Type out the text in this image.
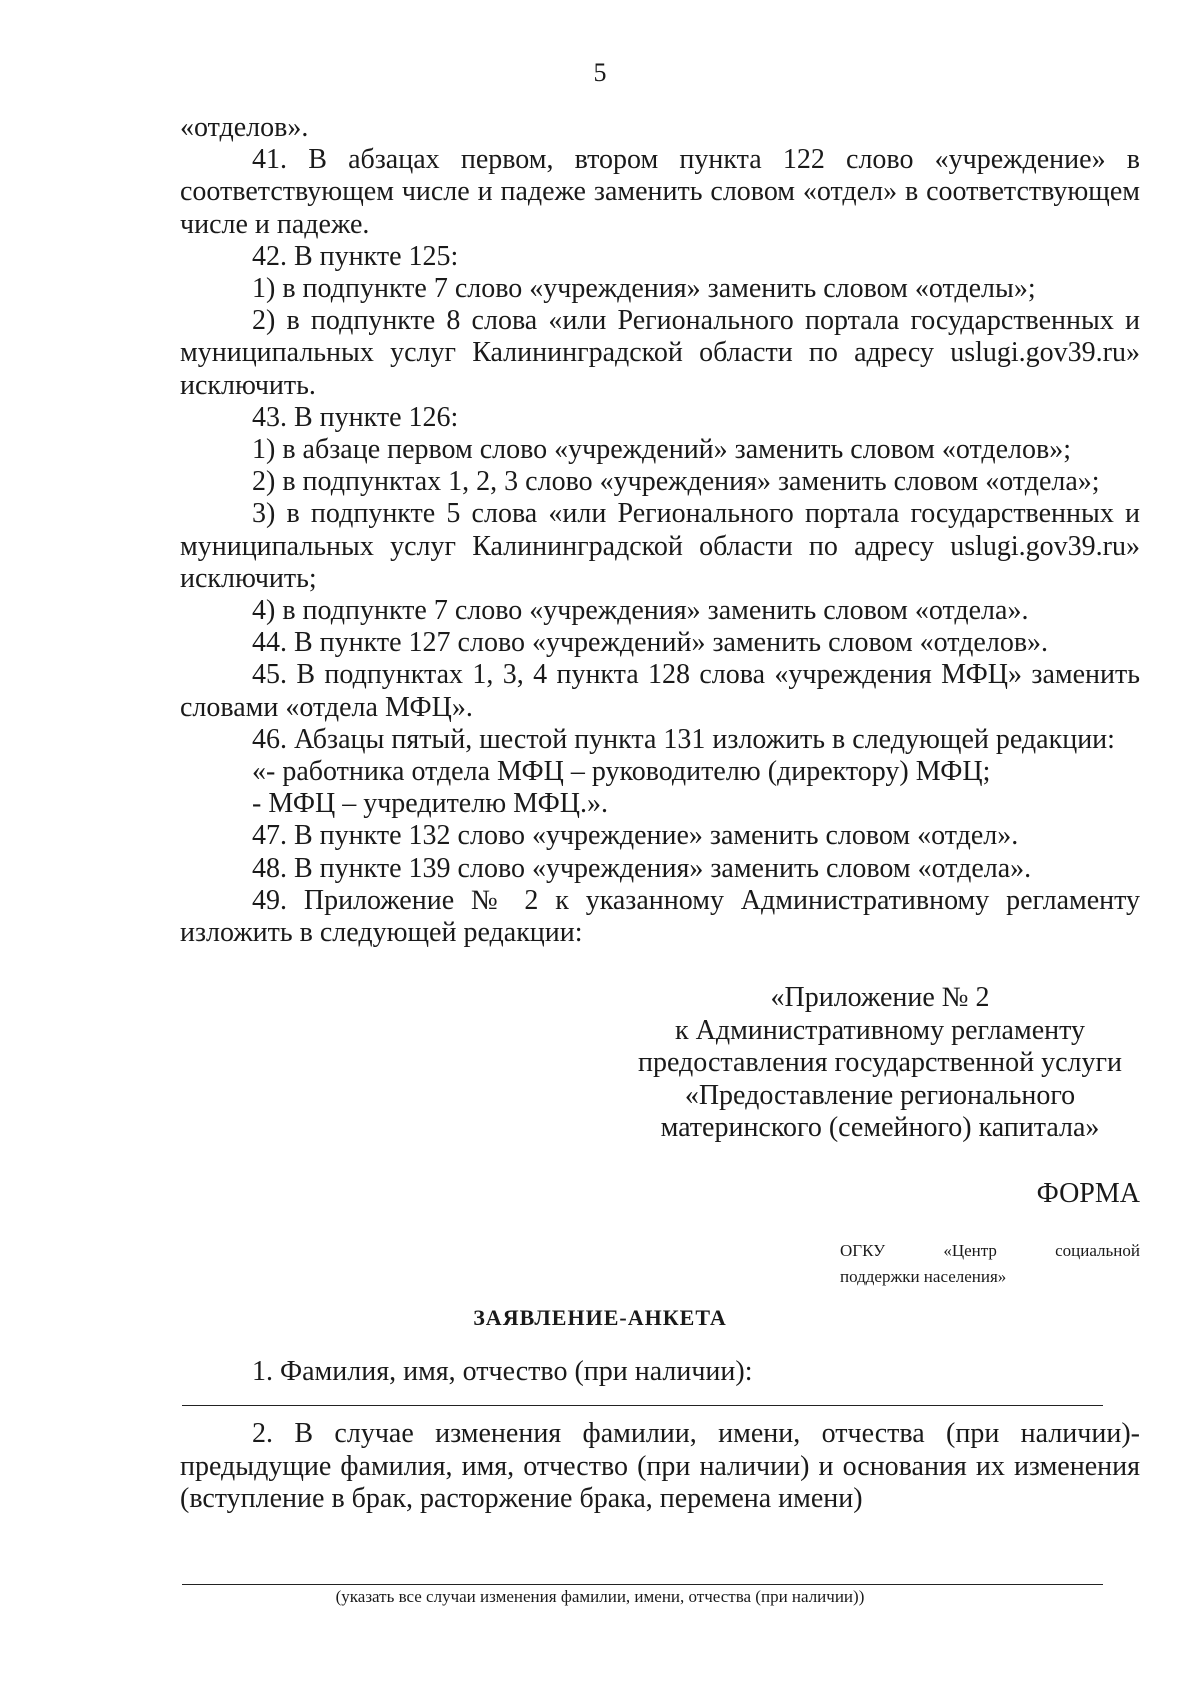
5

«отделов».

41. В абзацах первом, втором пункта 122 слово «учреждение» в соответствующем числе и падеже заменить словом «отдел» в соответствующем числе и падеже.

42. В пункте 125:

1) в подпункте 7 слово «учреждения» заменить словом «отделы»;

2) в подпункте 8 слова «или Регионального портала государственных и муниципальных услуг Калининградской области по адресу uslugi.gov39.ru» исключить.

43. В пункте 126:

1) в абзаце первом слово «учреждений» заменить словом «отделов»;

2) в подпунктах 1, 2, 3 слово «учреждения» заменить словом «отдела»;

3) в подпункте 5 слова «или Регионального портала государственных и муниципальных услуг Калининградской области по адресу uslugi.gov39.ru» исключить;

4) в подпункте 7 слово «учреждения» заменить словом «отдела».

44. В пункте 127 слово «учреждений» заменить словом «отделов».

45. В подпунктах 1, 3, 4 пункта 128 слова «учреждения МФЦ» заменить словами «отдела МФЦ».

46. Абзацы пятый, шестой пункта 131 изложить в следующей редакции:

«- работника отдела МФЦ – руководителю (директору) МФЦ;

- МФЦ – учредителю МФЦ.».

47. В пункте 132 слово «учреждение» заменить словом «отдел».

48. В пункте 139 слово «учреждения» заменить словом «отдела».

49. Приложение № 2 к указанному Административному регламенту изложить в следующей редакции:

«Приложение № 2

к Административному регламенту

предоставления государственной услуги

«Предоставление регионального

материнского (семейного) капитала»

ФОРМА
ОГКУ	«Центр	социальной
поддержки населения»
ЗАЯВЛЕНИЕ-АНКЕТА
1. Фамилия, имя, отчество (при наличии):

2. В случае изменения фамилии, имени, отчества (при наличии)- предыдущие фамилия, имя, отчество (при наличии) и основания их изменения (вступление в брак, расторжение брака, перемена имени)

(указать все случаи изменения фамилии, имени, отчества (при наличии))
